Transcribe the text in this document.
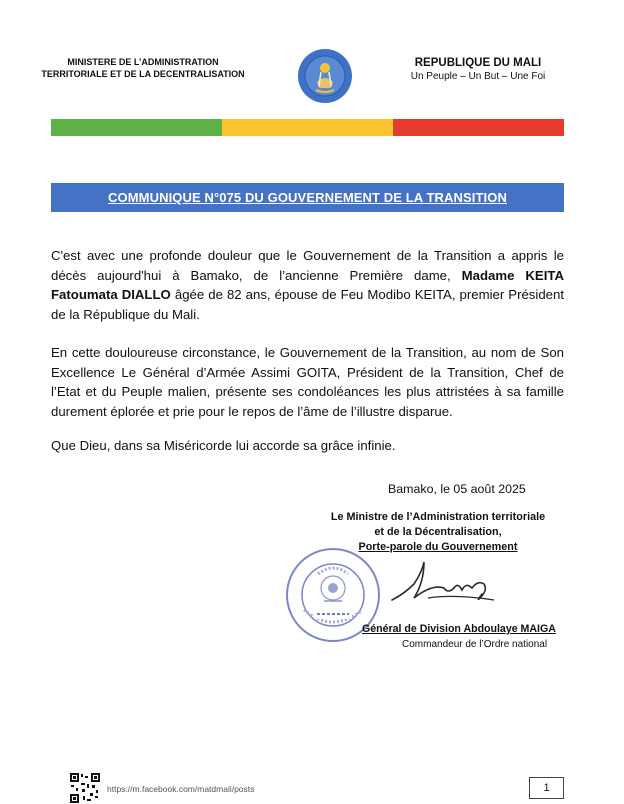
MINISTERE DE L’ADMINISTRATION
TERRITORIALE ET DE LA DECENTRALISATION
REPUBLIQUE DU MALI
Un Peuple – Un But – Une Foi
COMMUNIQUE N°075 DU GOUVERNEMENT DE LA TRANSITION
C'est avec une profonde douleur que le Gouvernement de la Transition a appris le décès aujourd'hui à Bamako, de l’ancienne Première dame, Madame KEITA Fatoumata DIALLO âgée de 82 ans, épouse de Feu Modibo KEITA, premier Président de la République du Mali.
En cette douloureuse circonstance, le Gouvernement de la Transition, au nom de Son Excellence Le Général d’Armée Assimi GOITA, Président de la Transition, Chef de l’Etat et du Peuple malien, présente ses condoléances les plus attristées à sa famille durement éplorée et prie pour le repos de l’âme de l’illustre disparue.
Que Dieu, dans sa Miséricorde lui accorde sa grâce infinie.
Bamako, le 05 août 2025
Le Ministre de l’Administration territoriale
et de la Décentralisation,
Porte-parole du Gouvernement
Général de Division Abdoulaye MAIGA
Commandeur de l’Ordre national
https://m.facebook.com/matdmali/posts	1
